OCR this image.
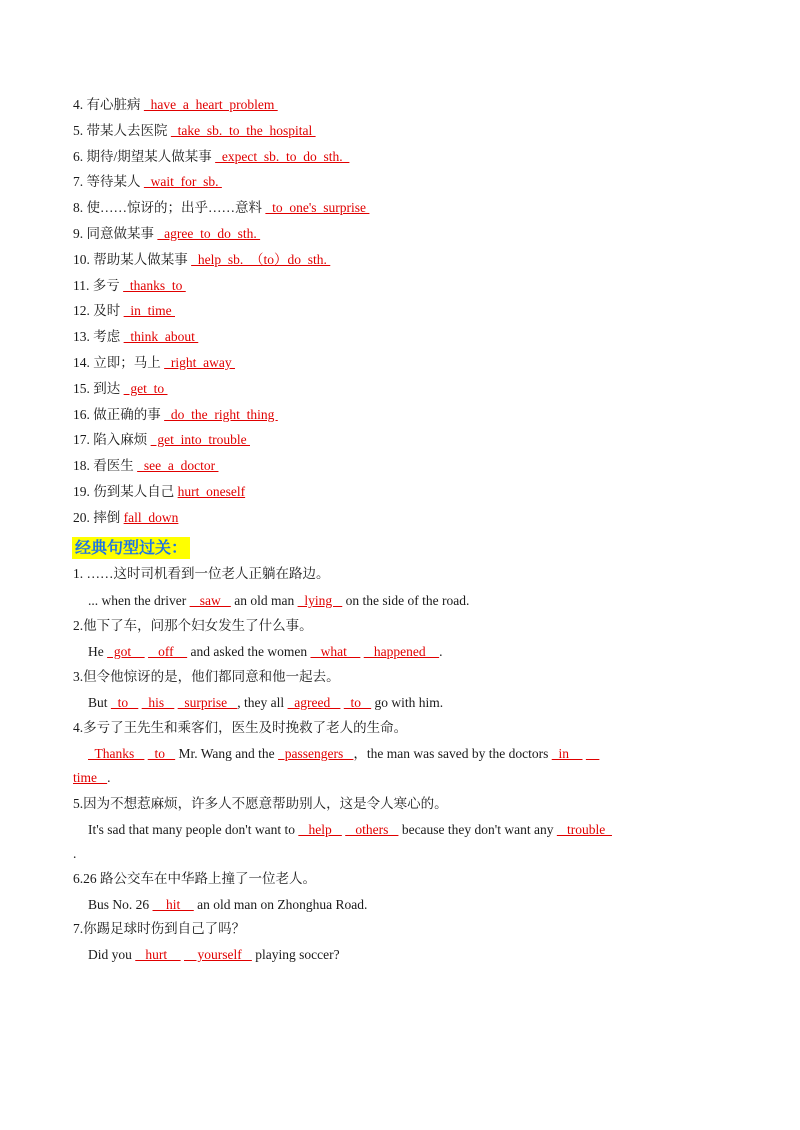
4. 有心脏病   have  a  heart  problem
5. 带某人去医院   take  sb.  to  the  hospital
6. 期待/期望某人做某事   expect  sb.  to  do  sth.
7. 等待某人   wait  for  sb.
8. 使……惊讶的；出乎……意料   to  one's  surprise
9. 同意做某事   agree  to  do  sth.
10. 帮助某人做某事   help  sb.  （to）do  sth.
11. 多亏   thanks  to
12. 及时   in  time
13. 考虑   think  about
14. 立即；马上   right  away
15. 到达   get  to
16. 做正确的事   do  the  right  thing
17. 陷入麻烦   get  into  trouble
18. 看医生   see  a  doctor
19. 伤到某人自己 hurt  oneself
20. 摔倒 fall  down
经典句型过关：
1. ……这时司机看到一位老人正躺在路边。
... when the driver    saw    an old man   lying    on the side of the road.
2.他下了车，问那个妇女发生了什么事。
He   got        off     and asked the women    what        happened    .
3.但令他惊讶的是，他们都同意和他一起去。
But   to      his      surprise   , they all   agreed      to    go with him.
4.多亏了王先生和乘客们，医生及时挽救了老人的生命。
Thanks      to    Mr. Wang and the   passengers   ，the man was saved by the doctors   in
time   .
5.因为不想惹麻烦，许多人不愿意帮助别人，这是令人寒心的。
It's sad that many people don't want to    help       others    because they don't want any    trouble
.
6.26 路公交车在中华路上撞了一位老人。
Bus No. 26     hit     an old man on Zhonghua Road.
7.你踢足球时伤到自己了吗？
Did you    hurt         yourself    playing soccer?
